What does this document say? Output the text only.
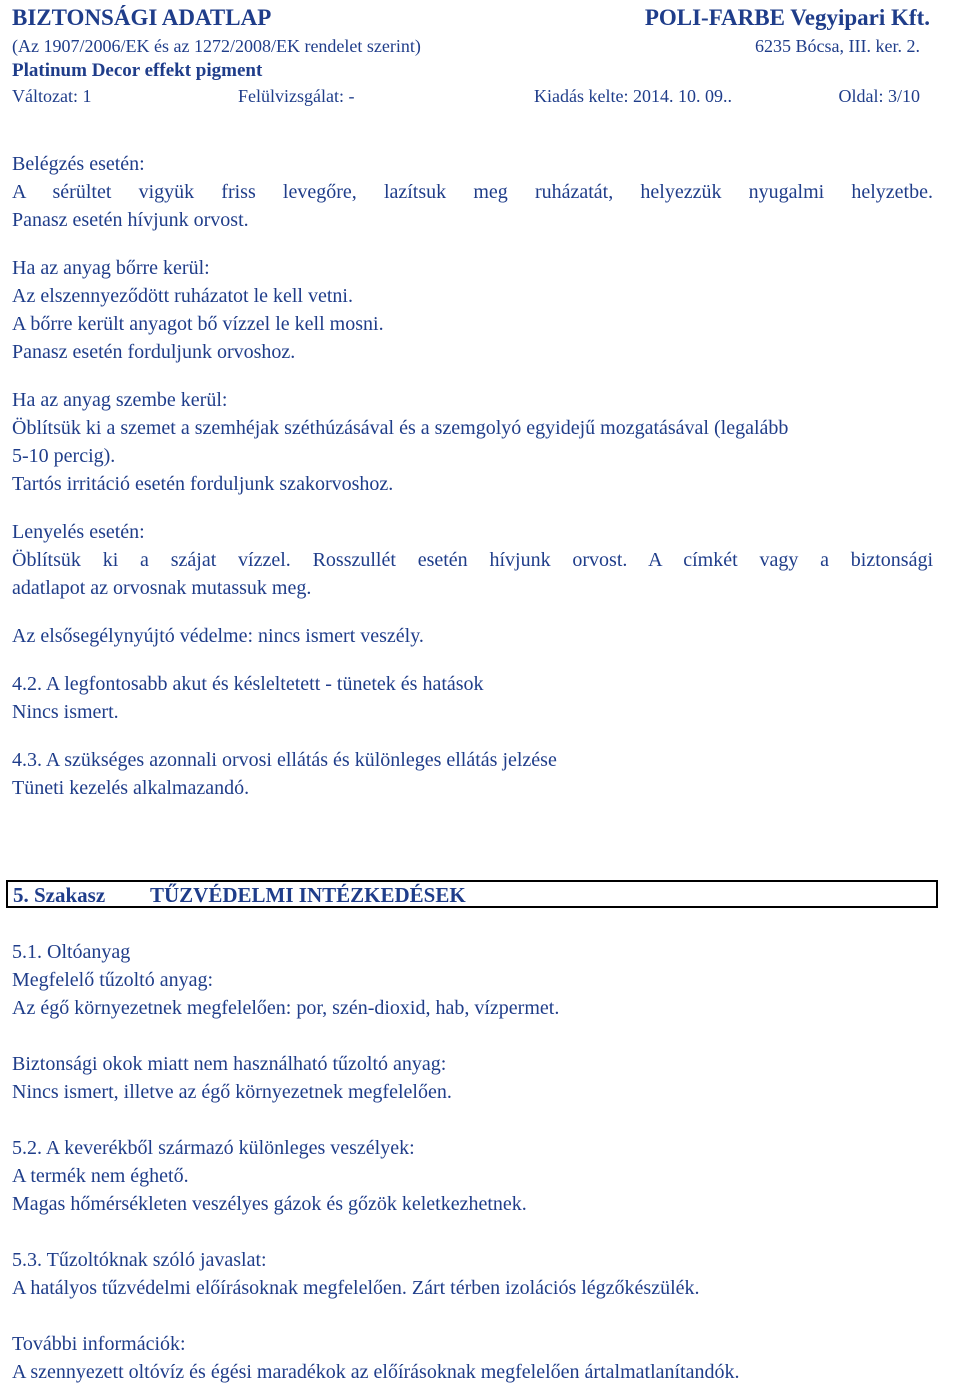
BIZTONSÁGI ADATLAP	POLI-FARBE Vegyipari Kft.
(Az 1907/2006/EK és az 1272/2008/EK rendelet szerint)	6235 Bócsa, III. ker. 2.
Platinum Decor effekt pigment
Változat: 1	Felülvizsgálat: -	Kiadás kelte: 2014. 10. 09..	Oldal: 3/10

Belégzés esetén:

A sérültet vigyük friss levegőre, lazítsuk meg ruházatát, helyezzük nyugalmi helyzetbe.

Panasz esetén hívjunk orvost.

Ha az anyag bőrre kerül:

Az elszennyeződött ruházatot le kell vetni.

A bőrre került anyagot bő vízzel le kell mosni.

Panasz esetén forduljunk orvoshoz.

Ha az anyag szembe kerül:

Öblítsük ki a szemet a szemhéjak széthúzásával és a szemgolyó egyidejű mozgatásával (legalább

5-10 percig).

Tartós irritáció esetén forduljunk szakorvoshoz.

Lenyelés esetén:

Öblítsük ki a szájat vízzel. Rosszullét esetén hívjunk orvost. A címkét vagy a biztonsági

adatlapot az orvosnak mutassuk meg.

Az elsősegélynyújtó védelme: nincs ismert veszély.

4.2. A legfontosabb akut és késleltetett - tünetek és hatások

Nincs ismert.

4.3. A szükséges azonnali orvosi ellátás és különleges ellátás jelzése

Tüneti kezelés alkalmazandó.

5. Szakasz TŰZVÉDELMI INTÉZKEDÉSEK
5.1. Oltóanyag
Megfelelő tűzoltó anyag:
Az égő környezetnek megfelelően: por, szén-dioxid, hab, vízpermet.
Biztonsági okok miatt nem használható tűzoltó anyag:
Nincs ismert, illetve az égő környezetnek megfelelően.
5.2. A keverékből származó különleges veszélyek:
A termék nem éghető.
Magas hőmérsékleten veszélyes gázok és gőzök keletkezhetnek.
5.3. Tűzoltóknak szóló javaslat:
A hatályos tűzvédelmi előírásoknak megfelelően. Zárt térben izolációs légzőkészülék.
További információk:
A szennyezett oltóvíz és égési maradékok az előírásoknak megfelelően ártalmatlanítandók.
